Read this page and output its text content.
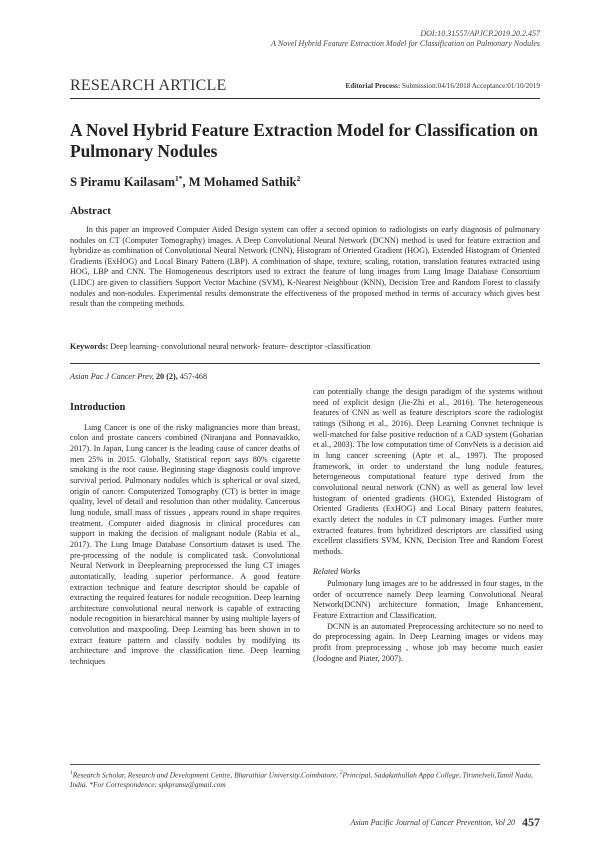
DOI:10.31557/APJCP.2019.20.2.457
A Novel Hybrid Feature Extraction Model for Classification on Pulmonary Nodules
RESEARCH ARTICLE	Editorial Process: Submission:04/16/2018 Acceptance:01/10/2019
A Novel Hybrid Feature Extraction Model for Classification on Pulmonary Nodules
S Piramu Kailasam$^{1*}$, M Mohamed Sathik$^2$
Abstract
In this paper an improved Computer Aided Design system can offer a second opinion to radiologists on early diagnosis of pulmonary nodules on CT (Computer Tomography) images. A Deep Convolutional Neural Network (DCNN) method is used for feature extraction and hybridize as combination of Convolutional Neural Network (CNN), Histogram of Oriented Gradient (HOG), Extended Histogram of Oriented Gradients (ExHOG) and Local Binary Pattern (LBP). A combination of shape, texture, scaling, rotation, translation features extracted using HOG, LBP and CNN. The Homogeneous descriptors used to extract the feature of lung images from Lung Image Database Consortium (LIDC) are given to classifiers Support Vector Machine (SVM), K-Nearest Neighbour (KNN), Decision Tree and Random Forest to classify nodules and non-nodules. Experimental results demonstrate the effectiveness of the proposed method in terms of accuracy which gives best result than the competing methods.
Keywords: Deep learning- convolutional neural network- feature- descriptor -classification
Asian Pac J Cancer Prev, 20 (2), 457-468
Introduction

Lung Cancer is one of the risky malignancies more than breast, colon and prostate cancers combined (Niranjana and Ponnavaikko, 2017). In Japan, Lung cancer is the leading cause of cancer deaths of men 25% in 2015. Globally, Statistical report says 80% cigarette smoking is the root cause. Beginning stage diagnosis could improve survival period. Pulmonary nodules which is spherical or oval sized, origin of cancer. Computerized Tomography (CT) is better in image quality, level of detail and resolution than other modality. Cancerous lung nodule, small mass of tissues , appears round in shape requires treatment. Computer aided diagnosis in clinical procedures can support in making the decision of malignant nodule (Rabia et al., 2017). The Lung Image Database Consortium dataset is used. The pre-processing of the nodule is complicated task. Convolutional Neural Network in Deeplearning preprocessed the lung CT images automatically, leading superior performance. A good feature extraction technique and feature descriptor should be capable of extracting the required features for nodule recognition. Deep learning architecture convolutional neural network is capable of extracting nodule recognition in hierarchical manner by using multiple layers of convolution and maxpooling. Deep Learning has been shown in to extract feature pattern and classify nodules by modifying its architecture and improve the classification time. Deep learning techniques

can potentially change the design paradigm of the systems without need of explicit design (Jie-Zhi et al., 2016). The heterogeneous features of CNN as well as feature descriptors score the radiologist ratings (Sihong et al., 2016). Deep Learning Convnet technique is well-matched for false positive reduction of a CAD system (Goharian et al., 2003). The low computation time of ConvNets is a decision aid in lung cancer screening (Apte et al., 1997). The proposed framework, in order to understand the lung nodule features, heterogeneous computational feature type derived from the convolutional neural network (CNN) as well as general low level histogram of oriented gradients (HOG), Extended Histogram of Oriented Gradients (ExHOG) and Local Binary pattern features, exactly detect the nodules in CT pulmonary images. Further more extracted features from hybridized descriptors are classified using excellent classifiers SVM, KNN, Decision Tree and Random Forest methods.

Related Works

Pulmonary lung images are to be addressed in four stages, in the order of occurrence namely Deep learning Convolutional Neural Network(DCNN) architecture formation, Image Enhancement, Feature Extraction and Classification.

DCNN is an automated Preprocessing architecture so no need to do preprocessing again. In Deep Learning images or videos may profit from preprocessing , whose job may become much easier (Jodogne and Piater, 2007).

$^1$Research Scholar, Research and Development Centre, Bharathiar University,Coimbatore, $^2$Principal, Sadakathullah Appa College, Tirunelveli,Tamil Nadu, India. *For Correspondence: spkpramu@gmail.com
Asian Pacific Journal of Cancer Prevention, Vol 20 457
